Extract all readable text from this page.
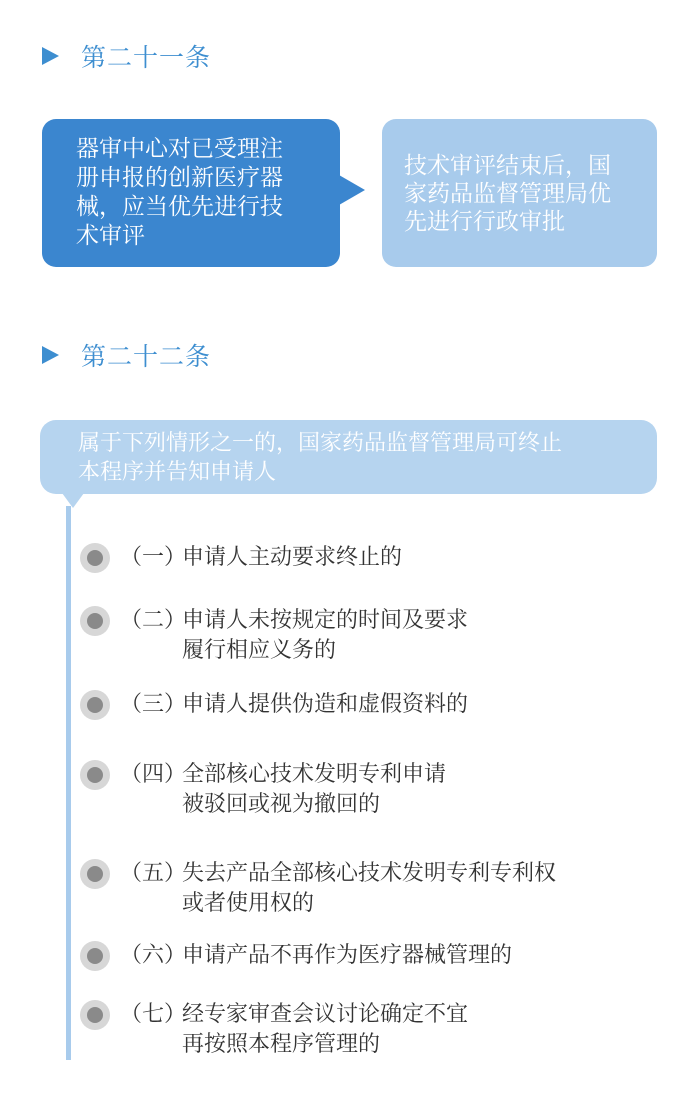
第二十一条
器审中心对已受理注
册申报的创新医疗器
械，应当优先进行技
术审评
技术审评结束后，国
家药品监督管理局优
先进行行政审批
第二十二条
属于下列情形之一的，国家药品监督管理局可终止
本程序并告知申请人
（一）
申请人主动要求终止的
（二）
申请人未按规定的时间及要求
履行相应义务的
（三）
申请人提供伪造和虚假资料的
（四）
全部核心技术发明专利申请
被驳回或视为撤回的
（五）
失去产品全部核心技术发明专利专利权
或者使用权的
（六）
申请产品不再作为医疗器械管理的
（七）
经专家审查会议讨论确定不宜
再按照本程序管理的
